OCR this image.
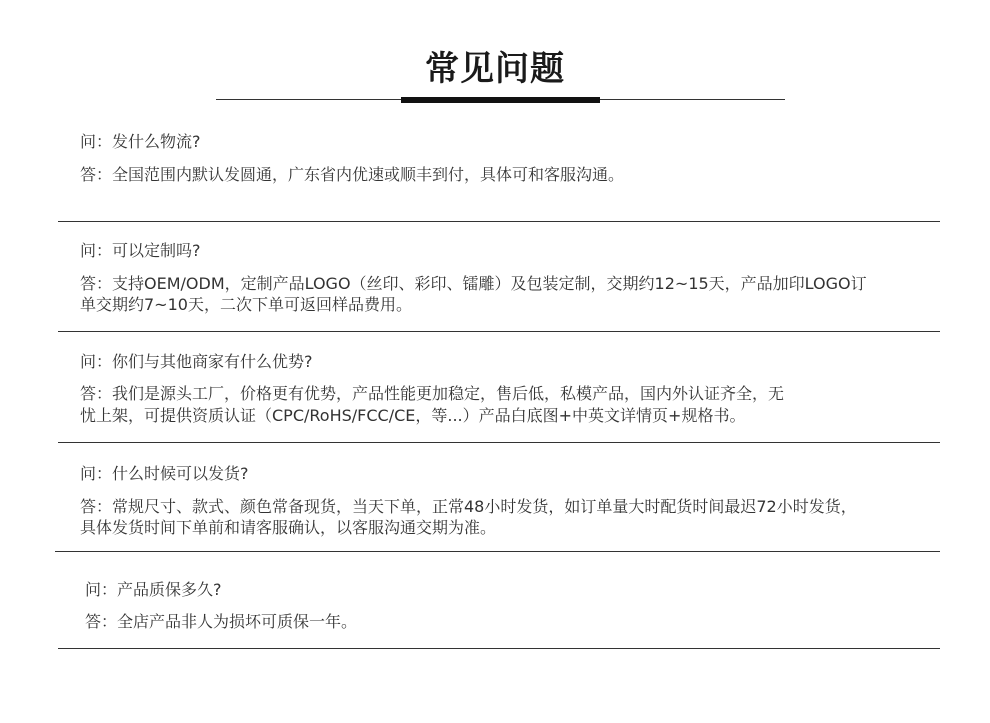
常见问题
问：发什么物流?
答：全国范围内默认发圆通，广东省内优速或顺丰到付，具体可和客服沟通。
问：可以定制吗?
答：支持OEM/ODM，定制产品LOGO（丝印、彩印、镭雕）及包装定制，交期约12~15天，产品加印LOGO订
单交期约7~10天，二次下单可返回样品费用。
问：你们与其他商家有什么优势?
答：我们是源头工厂，价格更有优势，产品性能更加稳定，售后低，私模产品，国内外认证齐全，无
忧上架，可提供资质认证（CPC/RoHS/FCC/CE，等...）产品白底图+中英文详情页+规格书。
问：什么时候可以发货?
答：常规尺寸、款式、颜色常备现货，当天下单，正常48小时发货，如订单量大时配货时间最迟72小时发货，
具体发货时间下单前和请客服确认，以客服沟通交期为准。
问：产品质保多久?
答：全店产品非人为损坏可质保一年。
